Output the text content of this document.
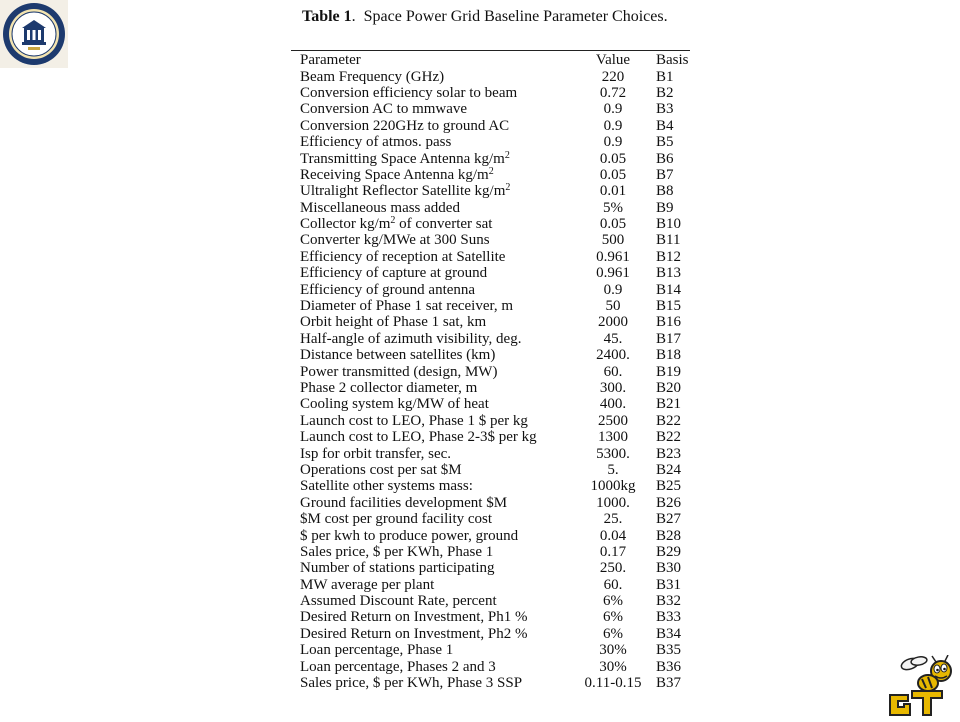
Table 1. Space Power Grid Baseline Parameter Choices.
Parameter	Value	Basis
Beam Frequency (GHz)	220	B1
Conversion efficiency solar to beam	0.72	B2
Conversion AC to mmwave	0.9	B3
Conversion 220GHz to ground AC	0.9	B4
Efficiency of atmos. pass	0.9	B5
Transmitting Space Antenna $kg/m^2$	0.05	B6
Receiving Space Antenna $kg/m^2$	0.05	B7
Ultralight Reflector Satellite $kg/m^2$	0.01	B8
Miscellaneous mass added	5%	B9
Collector $kg/m^2$ of converter sat	0.05	B10
Converter kg/MWe at 300 Suns	500	B11
Efficiency of reception at Satellite	0.961	B12
Efficiency of capture at ground	0.961	B13
Efficiency of ground antenna	0.9	B14
Diameter of Phase 1 sat receiver, m	50	B15
Orbit height of Phase 1 sat, km	2000	B16
Half-angle of azimuth visibility, deg.	45.	B17
Distance between satellites (km)	2400.	B18
Power transmitted (design, MW)	60.	B19
Phase 2 collector diameter, m	300.	B20
Cooling system kg/MW of heat	400.	B21
Launch cost to LEO, Phase 1 $ per kg	2500	B22
Launch cost to LEO, Phase 2-3$ per kg	1300	B22
Isp for orbit transfer, sec.	5300.	B23
Operations cost per sat $M	5.	B24
Satellite other systems mass:	1000kg	B25
Ground facilities development $M	1000.	B26
$M cost per ground facility cost	25.	B27
$ per kwh to produce power, ground	0.04	B28
Sales price, $ per KWh, Phase 1	0.17	B29
Number of stations participating	250.	B30
MW average per plant	60.	B31
Assumed Discount Rate, percent	6%	B32
Desired Return on Investment, Ph1 %	6%	B33
Desired Return on Investment, Ph2 %	6%	B34
Loan percentage, Phase 1	30%	B35
Loan percentage, Phases 2 and 3	30%	B36
Sales price, $ per KWh, Phase 3 SSP	0.11-0.15	B37
